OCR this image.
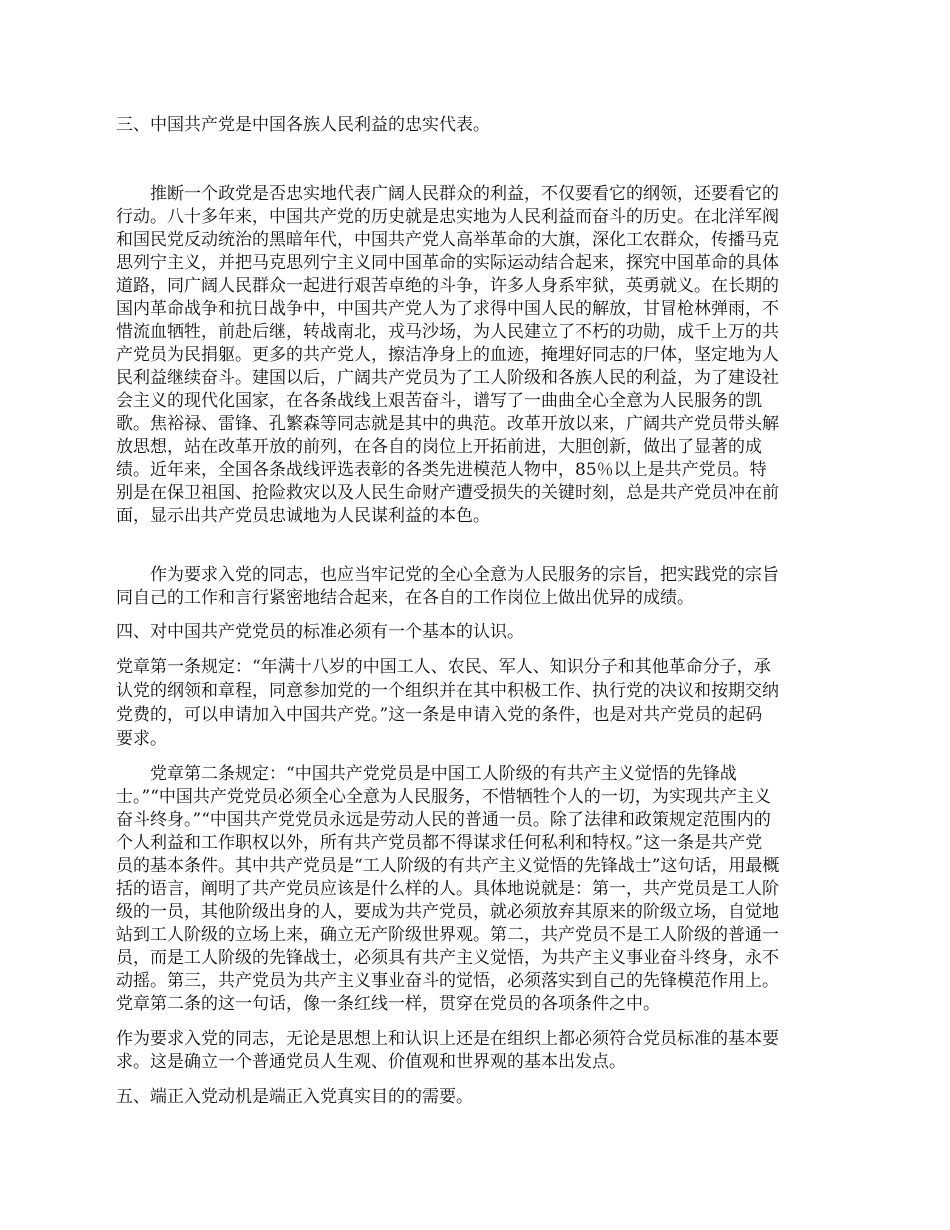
三、中国共产党是中国各族人民利益的忠实代表。
推断一个政党是否忠实地代表广阔人民群众的利益，不仅要看它的纲领，还要看它的
行动。八十多年来，中国共产党的历史就是忠实地为人民利益而奋斗的历史。在北洋军阀
和国民党反动统治的黑暗年代，中国共产党人高举革命的大旗，深化工农群众，传播马克
思列宁主义，并把马克思列宁主义同中国革命的实际运动结合起来，探究中国革命的具体
道路，同广阔人民群众一起进行艰苦卓绝的斗争，许多人身系牢狱，英勇就义。在长期的
国内革命战争和抗日战争中，中国共产党人为了求得中国人民的解放，甘冒枪林弹雨，不
惜流血牺牲，前赴后继，转战南北，戎马沙场，为人民建立了不朽的功勋，成千上万的共
产党员为民捐躯。更多的共产党人，擦洁净身上的血迹，掩埋好同志的尸体，坚定地为人
民利益继续奋斗。建国以后，广阔共产党员为了工人阶级和各族人民的利益，为了建设社
会主义的现代化国家，在各条战线上艰苦奋斗，谱写了一曲曲全心全意为人民服务的凯
歌。焦裕禄、雷锋、孔繁森等同志就是其中的典范。改革开放以来，广阔共产党员带头解
放思想，站在改革开放的前列，在各自的岗位上开拓前进，大胆创新，做出了显著的成
绩。近年来，全国各条战线评选表彰的各类先进模范人物中，85％以上是共产党员。特
别是在保卫祖国、抢险救灾以及人民生命财产遭受损失的关键时刻，总是共产党员冲在前
面，显示出共产党员忠诚地为人民谋利益的本色。
作为要求入党的同志，也应当牢记党的全心全意为人民服务的宗旨，把实践党的宗旨
同自己的工作和言行紧密地结合起来，在各自的工作岗位上做出优异的成绩。
四、对中国共产党党员的标准必须有一个基本的认识。
党章第一条规定：“年满十八岁的中国工人、农民、军人、知识分子和其他革命分子，承
认党的纲领和章程，同意参加党的一个组织并在其中积极工作、执行党的决议和按期交纳
党费的，可以申请加入中国共产党。”这一条是申请入党的条件，也是对共产党员的起码
要求。
党章第二条规定：“中国共产党党员是中国工人阶级的有共产主义觉悟的先锋战
士。”“中国共产党党员必须全心全意为人民服务，不惜牺牲个人的一切，为实现共产主义
奋斗终身。”“中国共产党党员永远是劳动人民的普通一员。除了法律和政策规定范围内的
个人利益和工作职权以外，所有共产党员都不得谋求任何私利和特权。”这一条是共产党
员的基本条件。其中共产党员是“工人阶级的有共产主义觉悟的先锋战士”这句话，用最概
括的语言，阐明了共产党员应该是什么样的人。具体地说就是：第一，共产党员是工人阶
级的一员，其他阶级出身的人，要成为共产党员，就必须放弃其原来的阶级立场，自觉地
站到工人阶级的立场上来，确立无产阶级世界观。第二，共产党员不是工人阶级的普通一
员，而是工人阶级的先锋战士，必须具有共产主义觉悟，为共产主义事业奋斗终身，永不
动摇。第三，共产党员为共产主义事业奋斗的觉悟，必须落实到自己的先锋模范作用上。
党章第二条的这一句话，像一条红线一样，贯穿在党员的各项条件之中。
作为要求入党的同志，无论是思想上和认识上还是在组织上都必须符合党员标准的基本要
求。这是确立一个普通党员人生观、价值观和世界观的基本出发点。
五、端正入党动机是端正入党真实目的的需要。
